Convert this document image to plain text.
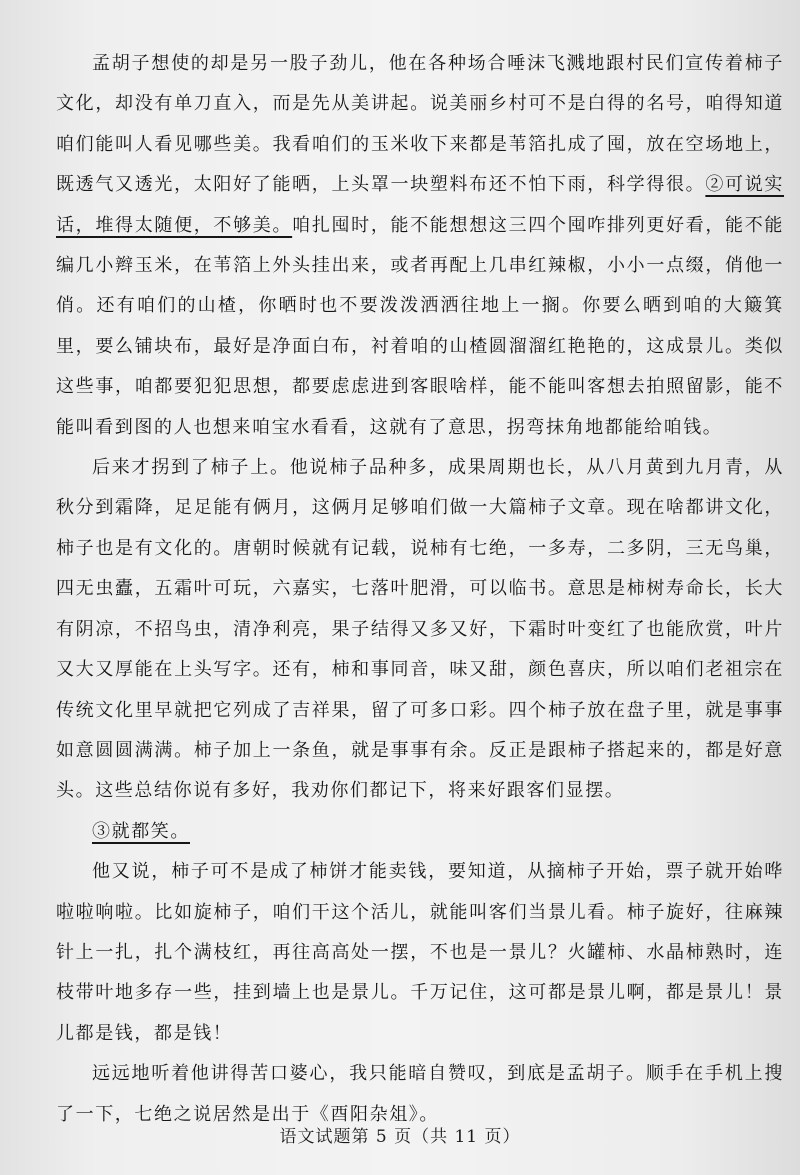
孟胡子想使的却是另一股子劲儿，他在各种场合唾沫飞溅地跟村民们宣传着柿子文化，却没有单刀直入，而是先从美讲起。说美丽乡村可不是白得的名号，咱得知道咱们能叫人看见哪些美。我看咱们的玉米收下来都是苇箔扎成了囤，放在空场地上，既透气又透光，太阳好了能晒，上头罩一块塑料布还不怕下雨，科学得很。②可说实话，堆得太随便，不够美。咱扎囤时，能不能想想这三四个囤咋排列更好看，能不能编几小辫玉米，在苇箔上外头挂出来，或者再配上几串红辣椒，小小一点缀，俏他一俏。还有咱们的山楂，你晒时也不要泼泼洒洒往地上一搁。你要么晒到咱的大簸箕里，要么铺块布，最好是净面白布，衬着咱的山楂圆溜溜红艳艳的，这成景儿。类似这些事，咱都要犯犯思想，都要虑虑进到客眼啥样，能不能叫客想去拍照留影，能不能叫看到图的人也想来咱宝水看看，这就有了意思，拐弯抹角地都能给咱钱。

后来才拐到了柿子上。他说柿子品种多，成果周期也长，从八月黄到九月青，从秋分到霜降，足足能有俩月，这俩月足够咱们做一大篇柿子文章。现在啥都讲文化，柿子也是有文化的。唐朝时候就有记载，说柿有七绝，一多寿，二多阴，三无鸟巢，四无虫蠹，五霜叶可玩，六嘉实，七落叶肥滑，可以临书。意思是柿树寿命长，长大有阴凉，不招鸟虫，清净利亮，果子结得又多又好，下霜时叶变红了也能欣赏，叶片又大又厚能在上头写字。还有，柿和事同音，味又甜，颜色喜庆，所以咱们老祖宗在传统文化里早就把它列成了吉祥果，留了可多口彩。四个柿子放在盘子里，就是事事如意圆圆满满。柿子加上一条鱼，就是事事有余。反正是跟柿子搭起来的，都是好意头。这些总结你说有多好，我劝你们都记下，将来好跟客们显摆。

③就都笑。

他又说，柿子可不是成了柿饼才能卖钱，要知道，从摘柿子开始，票子就开始哗啦啦响啦。比如旋柿子，咱们干这个活儿，就能叫客们当景儿看。柿子旋好，往麻辣针上一扎，扎个满枝红，再往高高处一摆，不也是一景儿？火罐柿、水晶柿熟时，连枝带叶地多存一些，挂到墙上也是景儿。千万记住，这可都是景儿啊，都是景儿！景儿都是钱，都是钱！

远远地听着他讲得苦口婆心，我只能暗自赞叹，到底是孟胡子。顺手在手机上搜了一下，七绝之说居然是出于《酉阳杂俎》。

语文试题第 5 页（共 11 页）
